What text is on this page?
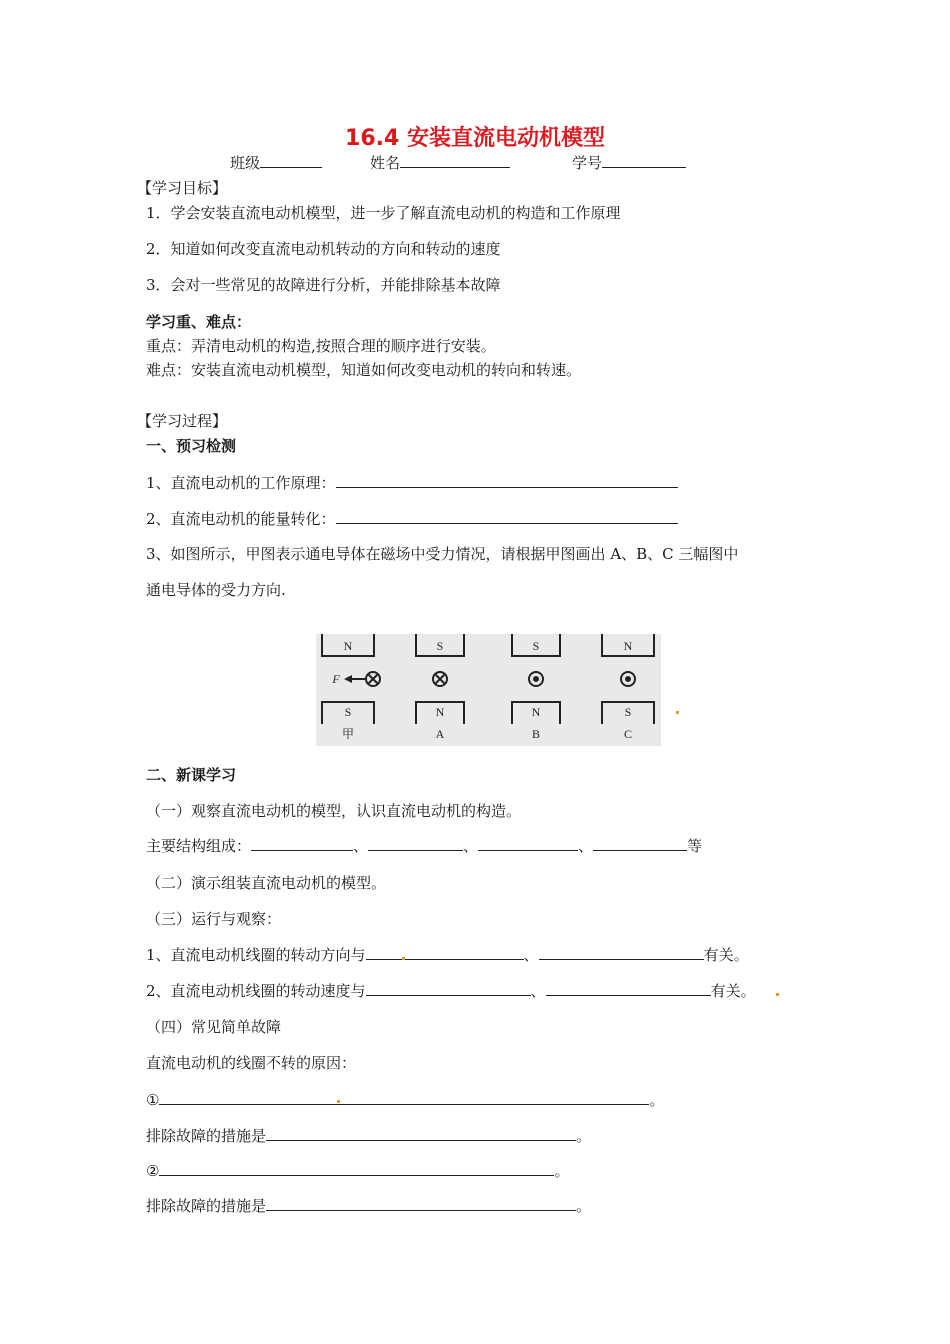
16.4 安装直流电动机模型
班级	姓名	学号
【学习目标】
1．学会安装直流电动机模型，进一步了解直流电动机的构造和工作原理
2．知道如何改变直流电动机转动的方向和转动的速度
3．会对一些常见的故障进行分析，并能排除基本故障
学习重、难点：
重点：弄清电动机的构造,按照合理的顺序进行安装。
难点：安装直流电动机模型，知道如何改变电动机的转向和转速。
【学习过程】
一、预习检测
1、直流电动机的工作原理：
2、直流电动机的能量转化：
3、如图所示，甲图表示通电导体在磁场中受力情况，请根据甲图画出 A、B、C 三幅图中
通电导体的受力方向.
N	S	S	N
S	N	N	S
甲	A	B	C
F
二、新课学习
（一）观察直流电动机的模型，认识直流电动机的构造。
主要结构组成：	、	、	、	等
（二）演示组装直流电动机的模型。
（三）运行与观察：
1、直流电动机线圈的转动方向与	、	有关。
2、直流电动机线圈的转动速度与	、	有关。
（四）常见简单故障
直流电动机的线圈不转的原因：
①	。
排除故障的措施是	。
②	。
排除故障的措施是	。
